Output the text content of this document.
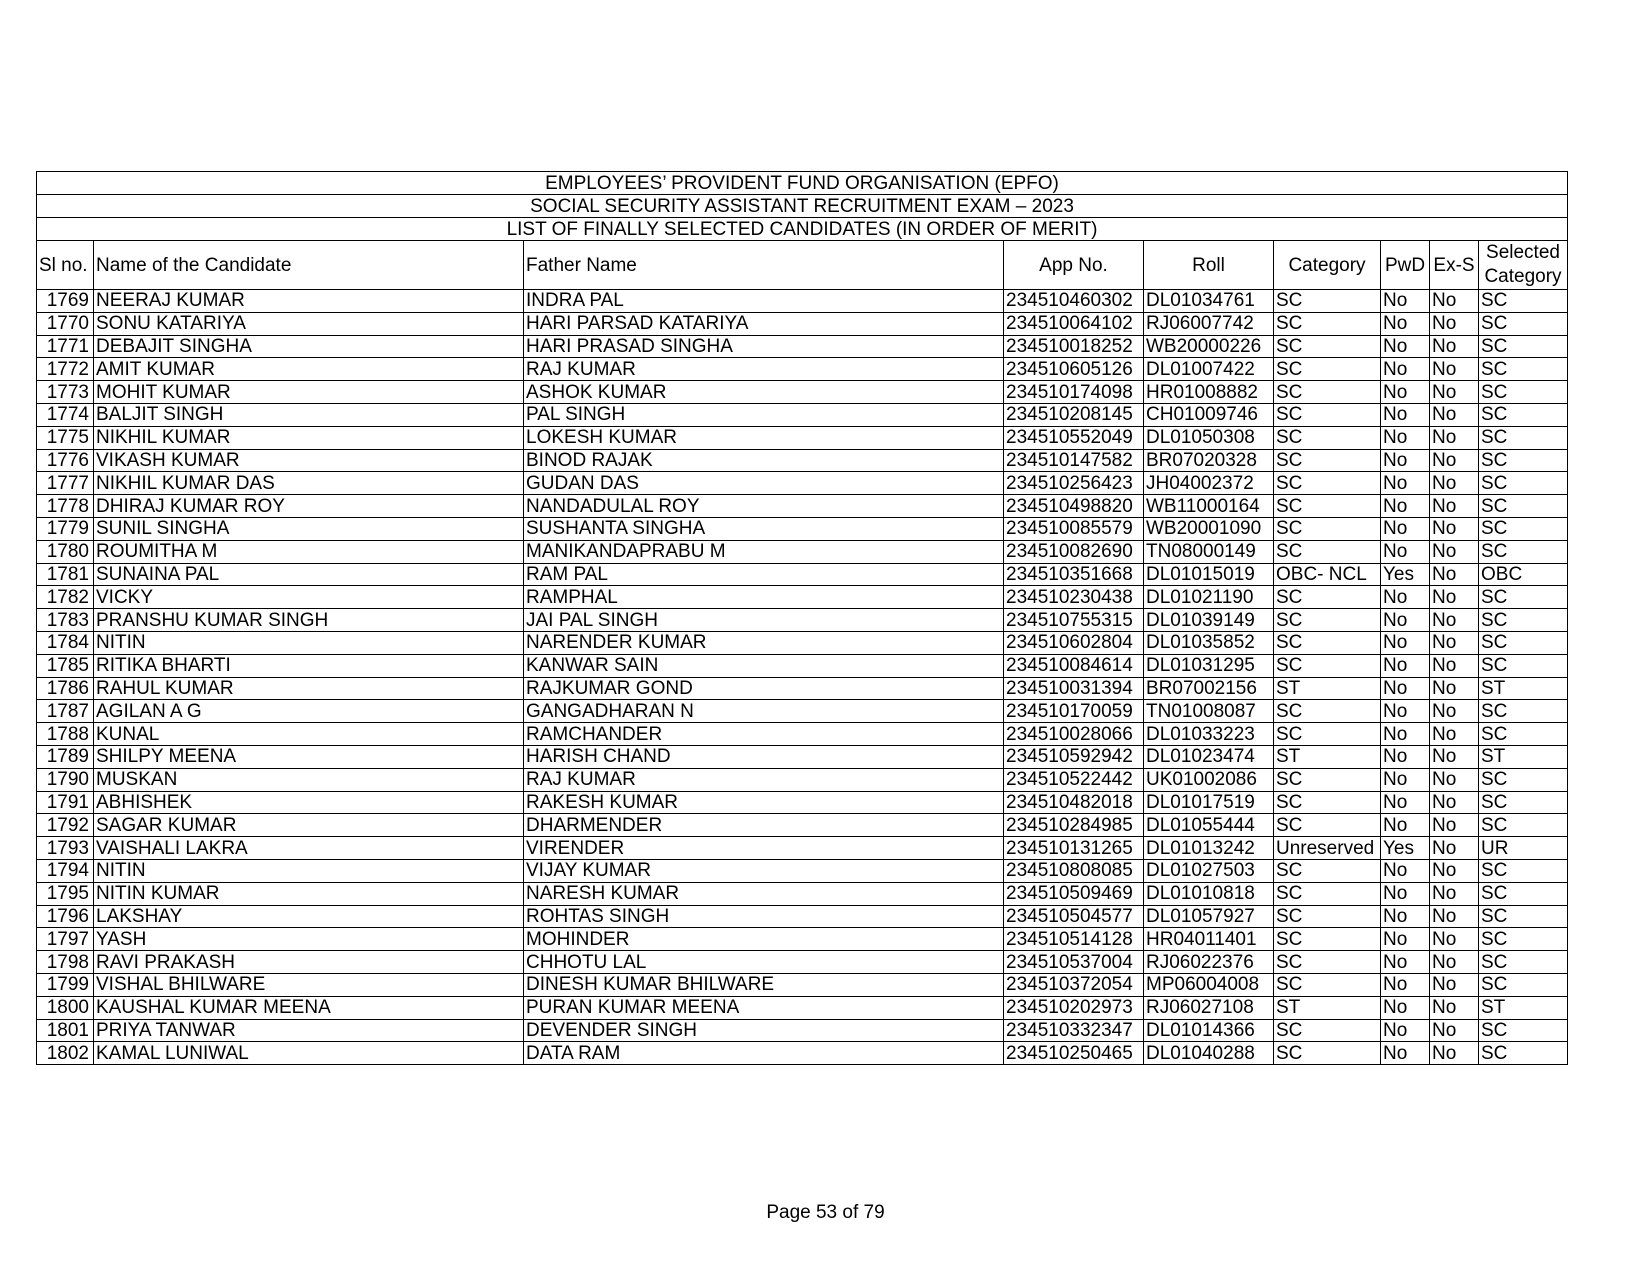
EMPLOYEES’ PROVIDENT FUND ORGANISATION (EPFO)								
SOCIAL SECURITY ASSISTANT RECRUITMENT EXAM – 2023								
LIST OF FINALLY SELECTED CANDIDATES (IN ORDER OF MERIT)								
Sl no.	Name of the Candidate	Father Name	App No.	Roll	Category	PwD	Ex-S	Selected
Category
1769	NEERAJ KUMAR	INDRA PAL	234510460302	DL01034761	SC	No	No	SC
1770	SONU KATARIYA	HARI PARSAD KATARIYA	234510064102	RJ06007742	SC	No	No	SC
1771	DEBAJIT SINGHA	HARI PRASAD SINGHA	234510018252	WB20000226	SC	No	No	SC
1772	AMIT KUMAR	RAJ KUMAR	234510605126	DL01007422	SC	No	No	SC
1773	MOHIT KUMAR	ASHOK KUMAR	234510174098	HR01008882	SC	No	No	SC
1774	BALJIT SINGH	PAL SINGH	234510208145	CH01009746	SC	No	No	SC
1775	NIKHIL KUMAR	LOKESH KUMAR	234510552049	DL01050308	SC	No	No	SC
1776	VIKASH KUMAR	BINOD RAJAK	234510147582	BR07020328	SC	No	No	SC
1777	NIKHIL KUMAR DAS	GUDAN DAS	234510256423	JH04002372	SC	No	No	SC
1778	DHIRAJ KUMAR ROY	NANDADULAL ROY	234510498820	WB11000164	SC	No	No	SC
1779	SUNIL SINGHA	SUSHANTA SINGHA	234510085579	WB20001090	SC	No	No	SC
1780	ROUMITHA M	MANIKANDAPRABU M	234510082690	TN08000149	SC	No	No	SC
1781	SUNAINA PAL	RAM PAL	234510351668	DL01015019	OBC- NCL	Yes	No	OBC
1782	VICKY	RAMPHAL	234510230438	DL01021190	SC	No	No	SC
1783	PRANSHU KUMAR SINGH	JAI PAL SINGH	234510755315	DL01039149	SC	No	No	SC
1784	NITIN	NARENDER KUMAR	234510602804	DL01035852	SC	No	No	SC
1785	RITIKA BHARTI	KANWAR SAIN	234510084614	DL01031295	SC	No	No	SC
1786	RAHUL KUMAR	RAJKUMAR GOND	234510031394	BR07002156	ST	No	No	ST
1787	AGILAN A G	GANGADHARAN N	234510170059	TN01008087	SC	No	No	SC
1788	KUNAL	RAMCHANDER	234510028066	DL01033223	SC	No	No	SC
1789	SHILPY MEENA	HARISH CHAND	234510592942	DL01023474	ST	No	No	ST
1790	MUSKAN	RAJ KUMAR	234510522442	UK01002086	SC	No	No	SC
1791	ABHISHEK	RAKESH KUMAR	234510482018	DL01017519	SC	No	No	SC
1792	SAGAR KUMAR	DHARMENDER	234510284985	DL01055444	SC	No	No	SC
1793	VAISHALI LAKRA	VIRENDER	234510131265	DL01013242	Unreserved	Yes	No	UR
1794	NITIN	VIJAY KUMAR	234510808085	DL01027503	SC	No	No	SC
1795	NITIN KUMAR	NARESH KUMAR	234510509469	DL01010818	SC	No	No	SC
1796	LAKSHAY	ROHTAS SINGH	234510504577	DL01057927	SC	No	No	SC
1797	YASH	MOHINDER	234510514128	HR04011401	SC	No	No	SC
1798	RAVI PRAKASH	CHHOTU LAL	234510537004	RJ06022376	SC	No	No	SC
1799	VISHAL BHILWARE	DINESH KUMAR BHILWARE	234510372054	MP06004008	SC	No	No	SC
1800	KAUSHAL KUMAR MEENA	PURAN KUMAR MEENA	234510202973	RJ06027108	ST	No	No	ST
1801	PRIYA TANWAR	DEVENDER SINGH	234510332347	DL01014366	SC	No	No	SC
1802	KAMAL LUNIWAL	DATA RAM	234510250465	DL01040288	SC	No	No	SC
Page 53 of 79
